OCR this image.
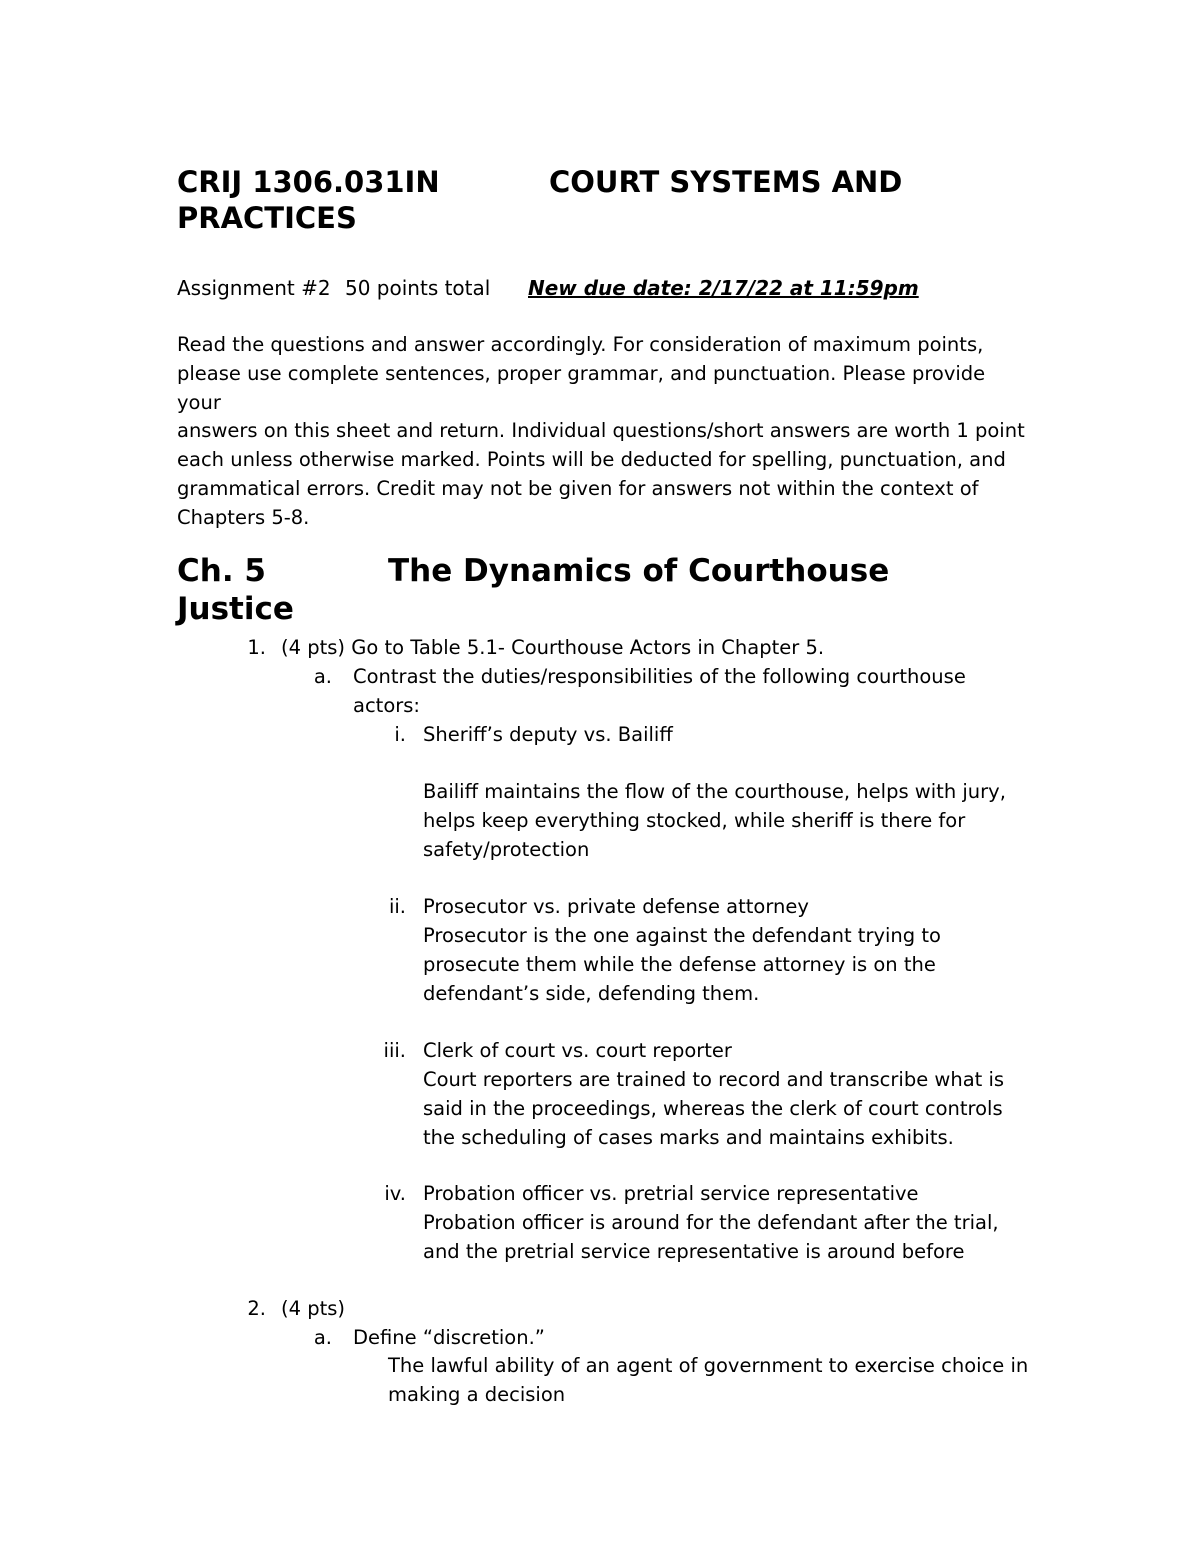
CRIJ 1306.031IN	COURT SYSTEMS AND
PRACTICES
Assignment #2 50 points total New due date: 2/17/22 at 11:59pm

Read the questions and answer accordingly. For consideration of maximum points,

please use complete sentences, proper grammar, and punctuation. Please provide your

answers on this sheet and return. Individual questions/short answers are worth 1 point

each unless otherwise marked. Points will be deducted for spelling, punctuation, and

grammatical errors. Credit may not be given for answers not within the context of

Chapters 5-8.

Ch. 5	The Dynamics of Courthouse
Justice
1. (4 pts) Go to Table 5.1- Courthouse Actors in Chapter 5.
a. Contrast the duties/responsibilities of the following courthouse
actors:
i. Sheriff’s deputy vs. Bailiff

Bailiff maintains the flow of the courthouse, helps with jury,

helps keep everything stocked, while sheriff is there for

safety/protection

ii. Prosecutor vs. private defense attorney

Prosecutor is the one against the defendant trying to

prosecute them while the defense attorney is on the

defendant’s side, defending them.

iii. Clerk of court vs. court reporter

Court reporters are trained to record and transcribe what is

said in the proceedings, whereas the clerk of court controls

the scheduling of cases marks and maintains exhibits.

iv. Probation officer vs. pretrial service representative

Probation officer is around for the defendant after the trial,

and the pretrial service representative is around before

2. (4 pts)
a. Define “discretion.”

The lawful ability of an agent of government to exercise choice in

making a decision
